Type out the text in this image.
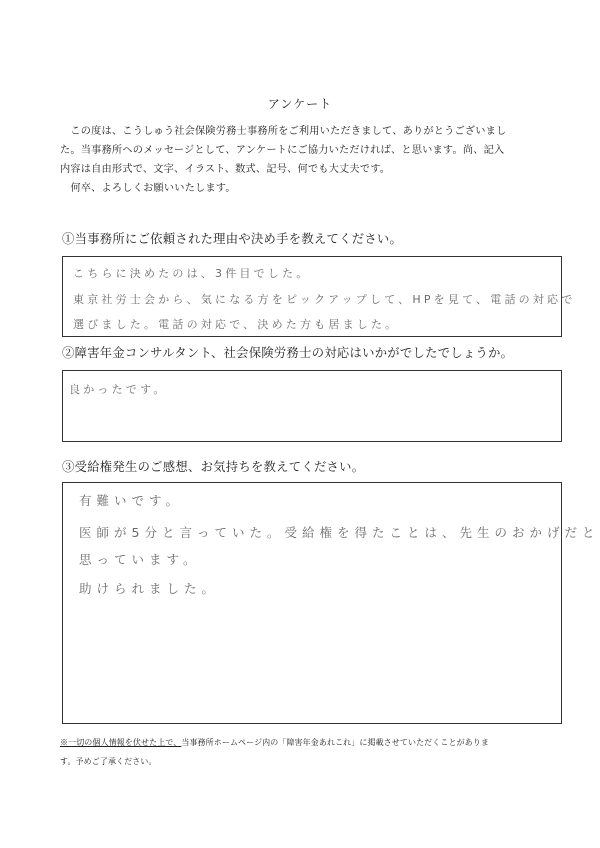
アンケート

　この度は、こうしゅう社会保険労務士事務所をご利用いただきまして、ありがとうございまし

た。当事務所へのメッセージとして、アンケートにご協力いただければ、と思います。尚、記入

内容は自由形式で、文字、イラスト、数式、記号、何でも大丈夫です。

　何卒、よろしくお願いいたします。

①当事務所にご依頼された理由や決め手を教えてください。
こちらに決めたのは、3件目でした。
東京社労士会から、気になる方をピックアップして、HPを見て、電話の対応で
選びました。電話の対応で、決めた方も居ました。
②障害年金コンサルタント、社会保険労務士の対応はいかがでしたでしょうか。
良かったです。
③受給権発生のご感想、お気持ちを教えてください。
有難いです。
医師が5分と言っていた。受給権を得たことは、先生のおかげだと
思っています。
助けられました。

※一切の個人情報を伏せた上で、当事務所ホームページ内の「障害年金あれこれ」に掲載させていただくことがありま

す。予めご了承ください。
